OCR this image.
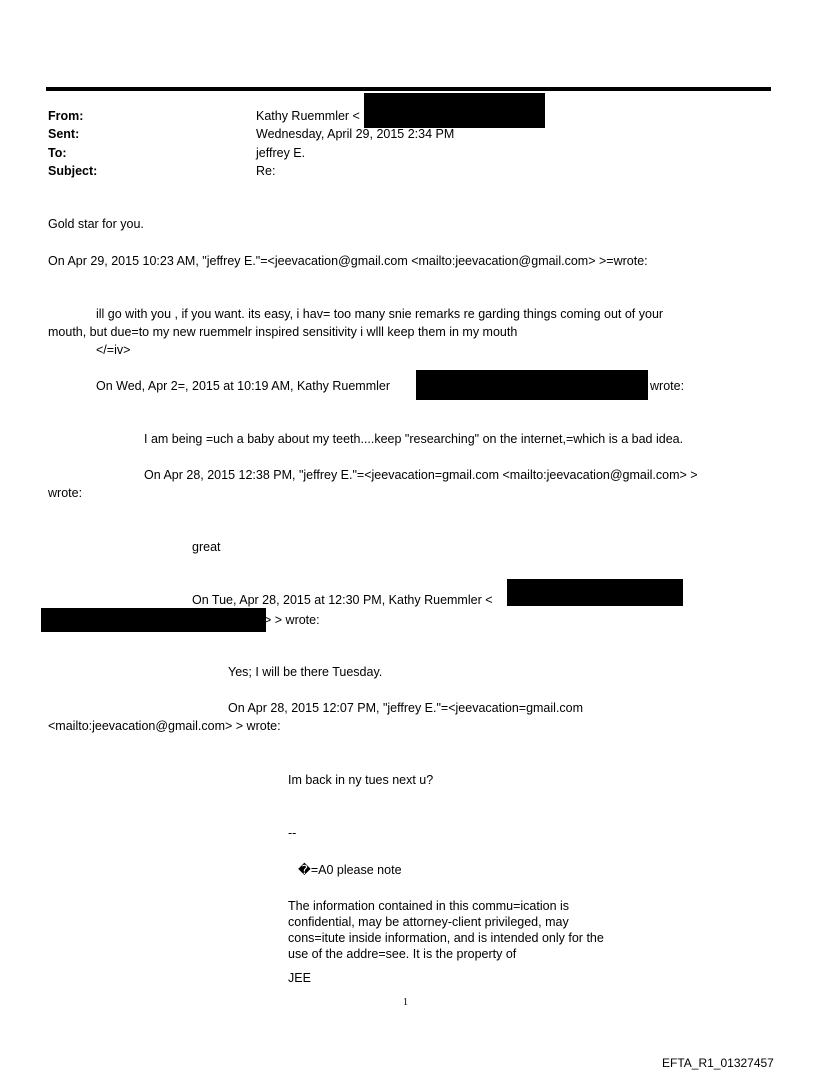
From:
Sent:
To:
Subject:
Kathy Ruemmler <
Wednesday, April 29, 2015 2:34 PM
jeffrey E.
Re:
Gold star for you.
On Apr 29, 2015 10:23 AM, "jeffrey E."=<jeevacation@gmail.com <mailto:jeevacation@gmail.com> >=wrote:
ill go with you , if you want. its easy, i hav= too many snie remarks re garding things coming out of your
mouth, but due=to my new ruemmelr inspired sensitivity i wlll keep them in my mouth
</=iv>
On Wed, Apr 2=, 2015 at 10:19 AM, Kathy Ruemmler	wrote:
I am being =uch a baby about my teeth....keep "researching" on the internet,=which is a bad idea.
On Apr 28, 2015 12:38 PM, "jeffrey E."=<jeevacation=gmail.com <mailto:jeevacation@gmail.com> >
wrote:
great
On Tue, Apr 28, 2015 at 12:30 PM, Kathy Ruemmler <
> > wrote:
Yes; I will be there Tuesday.
On Apr 28, 2015 12:07 PM, "jeffrey E."=<jeevacation=gmail.com
<mailto:jeevacation@gmail.com> > wrote:
Im back in ny tues next u?
--
�=A0 please note
The information contained in this commu=ication is confidential, may be attorney-client privileged, may cons=itute inside information, and is intended only for the use of the addre=see. It is the property of
JEE
1
EFTA_R1_01327457
